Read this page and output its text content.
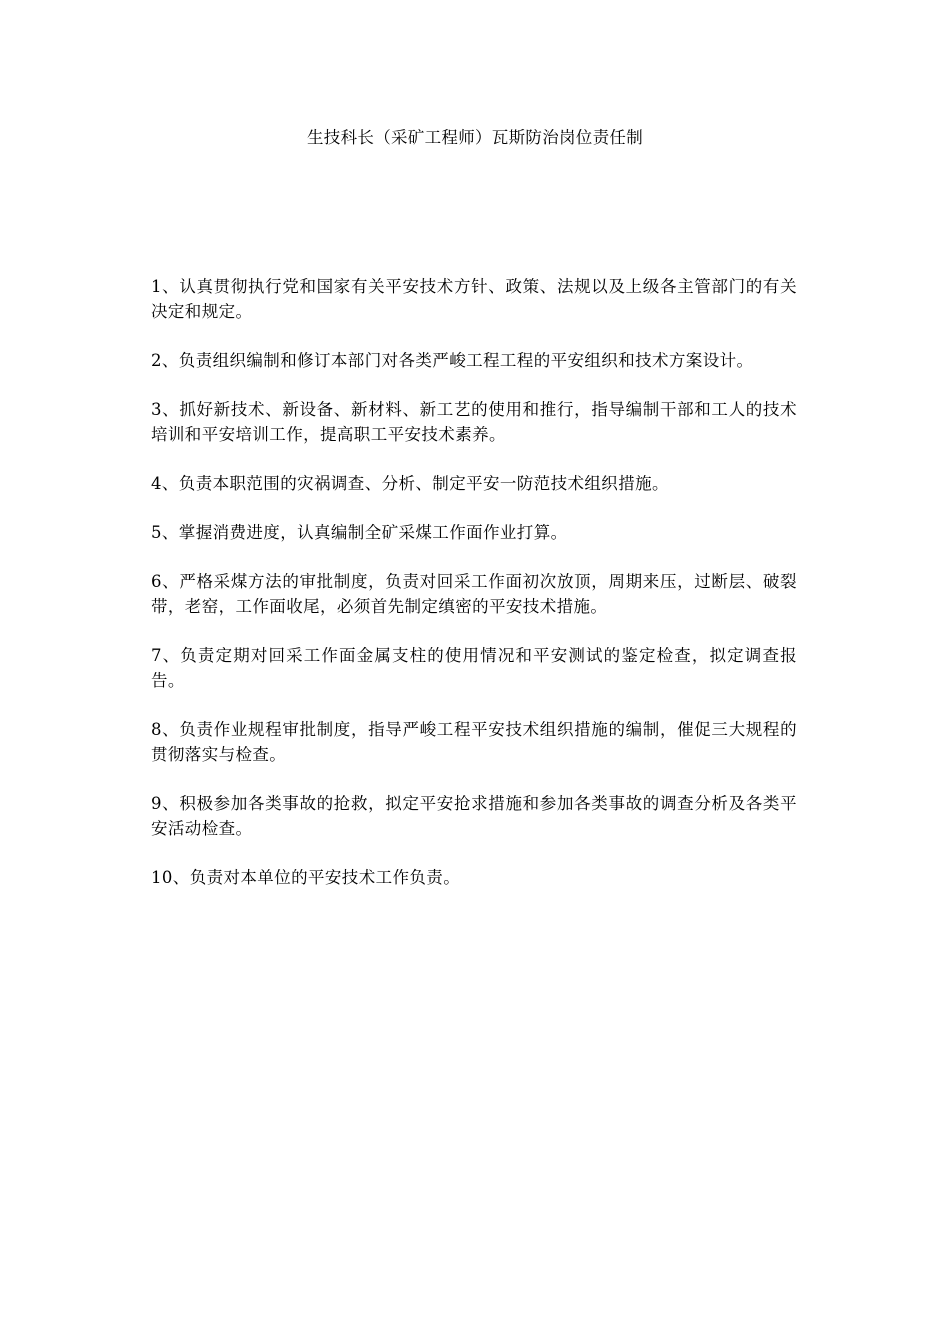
生技科长（采矿工程师）瓦斯防治岗位责任制

1、认真贯彻执行党和国家有关平安技术方针、政策、法规以及上级各主管部门的有关决定和规定。

2、负责组织编制和修订本部门对各类严峻工程工程的平安组织和技术方案设计。

3、抓好新技术、新设备、新材料、新工艺的使用和推行，指导编制干部和工人的技术培训和平安培训工作，提高职工平安技术素养。

4、负责本职范围的灾祸调查、分析、制定平安一防范技术组织措施。

5、掌握消费进度，认真编制全矿采煤工作面作业打算。

6、严格采煤方法的审批制度，负责对回采工作面初次放顶，周期来压，过断层、破裂带，老窑，工作面收尾，必须首先制定缜密的平安技术措施。

7、负责定期对回采工作面金属支柱的使用情况和平安测试的鉴定检查，拟定调查报告。

8、负责作业规程审批制度，指导严峻工程平安技术组织措施的编制，催促三大规程的贯彻落实与检查。

9、积极参加各类事故的抢救，拟定平安抢求措施和参加各类事故的调查分析及各类平安活动检查。

10、负责对本单位的平安技术工作负责。
